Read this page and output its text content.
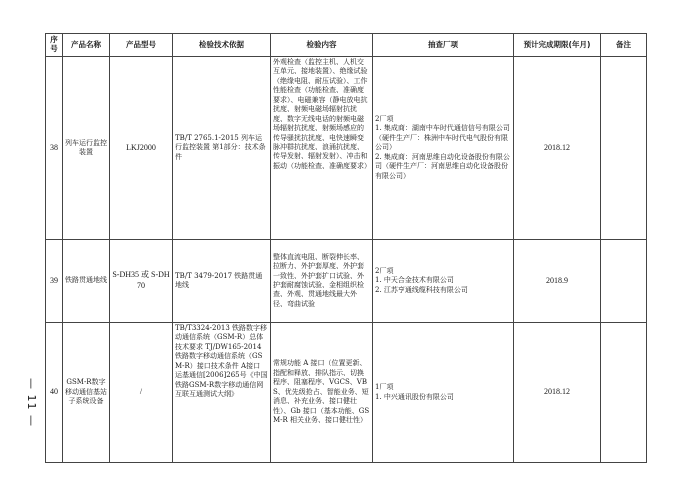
— 11 —
序号	产品名称	产品型号	检验技术依据	检验内容	抽查厂项	预计完成期限(年月)	备注
38	列车运行监控装置	LKJ2000	TB/T 2765.1-2015 列车运行监控装置 第1部分：技术条件	外观检查（监控主机、人机交互单元、接地装置）、绝缘试验（绝缘电阻、耐压试验）、工作性能检查（功能检查、准确度要求）、电磁兼容（静电放电抗扰度、射频电磁场辐射抗扰度、数字无线电话的射频电磁场辐射抗扰度、射频场感应的传导骚扰抗扰度、电快速瞬变脉冲群抗扰度、浪涌抗扰度、传导发射、辐射发射）、冲击和振动（功能检查、准确度要求）	2厂项
1. 集成商：湖南中车时代通信信号有限公司（硬件生产厂：株洲中车时代电气股份有限公司）
2. 集成商：河南思维自动化设备股份有限公司（硬件生产厂：河南思维自动化设备股份有限公司）	2018.12	
39	铁路贯通地线	S-DH35 或 S-DH70	TB/T 3479-2017 铁路贯通地线	整体直流电阻、断裂伸长率、拉断力、外护套厚度、外护套一致性、外护套扩口试验、外护套耐腐蚀试验、金相组织检查、外观、贯通地线最大外径、弯曲试验	2厂项
1. 中天合金技术有限公司
2. 江苏亨通线缆科技有限公司	2018.9	
40	GSM-R数字移动通信基站子系统设备	/	TB/T3324-2013 铁路数字移动通信系统（GSM-R）总体技术要求 TJ/DW165-2014 铁路数字移动通信系统（GSM-R）接口技术条件 A接口 运基通信[2006]265号《中国铁路GSM-R数字移动通信网互联互通测试大纲》	常规功能 A 接口（位置更新、指配和释放、排队指示、切换程序、阻塞程序、VGCS、VBS、优先级抢占、智能业务、短消息、补充业务、接口健壮性）、Gb 接口（基本功能、GSM-R 相关业务、接口健壮性）	1厂项
1. 中兴通讯股份有限公司	2018.12	
